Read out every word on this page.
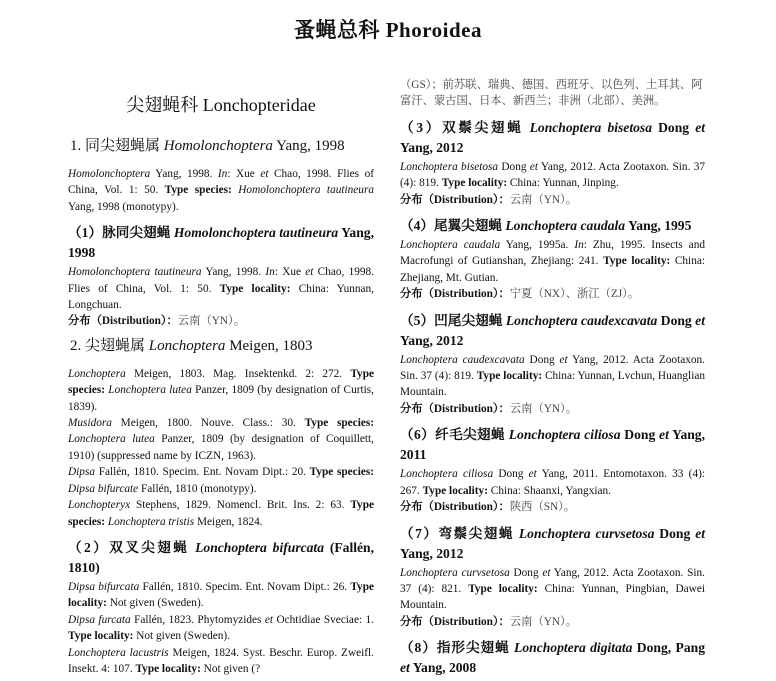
蚤蝇总科 Phoroidea
尖翅蝇科 Lonchopteridae
1. 同尖翅蝇属 Homolonchoptera Yang, 1998
Homolonchoptera Yang, 1998. In: Xue et Chao, 1998. Flies of China, Vol. 1: 50. Type species: Homolonchoptera tautineura Yang, 1998 (monotypy).
（1）脉同尖翅蝇 Homolonchoptera tautineura Yang, 1998
Homolonchoptera tautineura Yang, 1998. In: Xue et Chao, 1998. Flies of China, Vol. 1: 50. Type locality: China: Yunnan, Longchuan.
分布（Distribution）：云南（YN）。
2. 尖翅蝇属 Lonchoptera Meigen, 1803
Lonchoptera Meigen, 1803. Mag. Insektenkd. 2: 272. Type species: Lonchoptera lutea Panzer, 1809 (by designation of Curtis, 1839).
Musidora Meigen, 1800. Nouve. Class.: 30. Type species: Lonchoptera lutea Panzer, 1809 (by designation of Coquillett, 1910) (suppressed name by ICZN, 1963).
Dipsa Fallén, 1810. Specim. Ent. Novam Dipt.: 20. Type species: Dipsa bifurcate Fallén, 1810 (monotypy).
Lonchopteryx Stephens, 1829. Nomencl. Brit. Ins. 2: 63. Type species: Lonchoptera tristis Meigen, 1824.
（2）双叉尖翅蝇 Lonchoptera bifurcata (Fallén, 1810)
Dipsa bifurcata Fallén, 1810. Specim. Ent. Novam Dipt.: 26. Type locality: Not given (Sweden).
Dipsa furcata Fallén, 1823. Phytomyzides et Ochtidiae Sveciae: 1. Type locality: Not given (Sweden).
Lonchoptera lacustris Meigen, 1824. Syst. Beschr. Europ. Zweifl. Insekt. 4: 107. Type locality: Not given (?
（GS）；前苏联、瑞典、德国、西班牙、以色列、土耳其、阿富汗、蒙古国、日本、新西兰；非洲（北部）、美洲。
（3）双鬃尖翅蝇 Lonchoptera bisetosa Dong et Yang, 2012
Lonchoptera bisetosa Dong et Yang, 2012. Acta Zootaxon. Sin. 37 (4): 819. Type locality: China: Yunnan, Jinping.
分布（Distribution）：云南（YN）。
（4）尾翼尖翅蝇 Lonchoptera caudala Yang, 1995
Lonchoptera caudala Yang, 1995a. In: Zhu, 1995. Insects and Macrofungi of Gutianshan, Zhejiang: 241. Type locality: China: Zhejiang, Mt. Gutian.
分布（Distribution）：宁夏（NX）、浙江（ZJ）。
（5）凹尾尖翅蝇 Lonchoptera caudexcavata Dong et Yang, 2012
Lonchoptera caudexcavata Dong et Yang, 2012. Acta Zootaxon. Sin. 37 (4): 819. Type locality: China: Yunnan, Lvchun, Huanglian Mountain.
分布（Distribution）：云南（YN）。
（6）纤毛尖翅蝇 Lonchoptera ciliosa Dong et Yang, 2011
Lonchoptera ciliosa Dong et Yang, 2011. Entomotaxon. 33 (4): 267. Type locality: China: Shaanxi, Yangxian.
分布（Distribution）：陕西（SN）。
（7）弯鬃尖翅蝇 Lonchoptera curvsetosa Dong et Yang, 2012
Lonchoptera curvsetosa Dong et Yang, 2012. Acta Zootaxon. Sin. 37 (4): 821. Type locality: China: Yunnan, Pingbian, Dawei Mountain.
分布（Distribution）：云南（YN）。
（8）指形尖翅蝇 Lonchoptera digitata Dong, Pang et Yang, 2008
